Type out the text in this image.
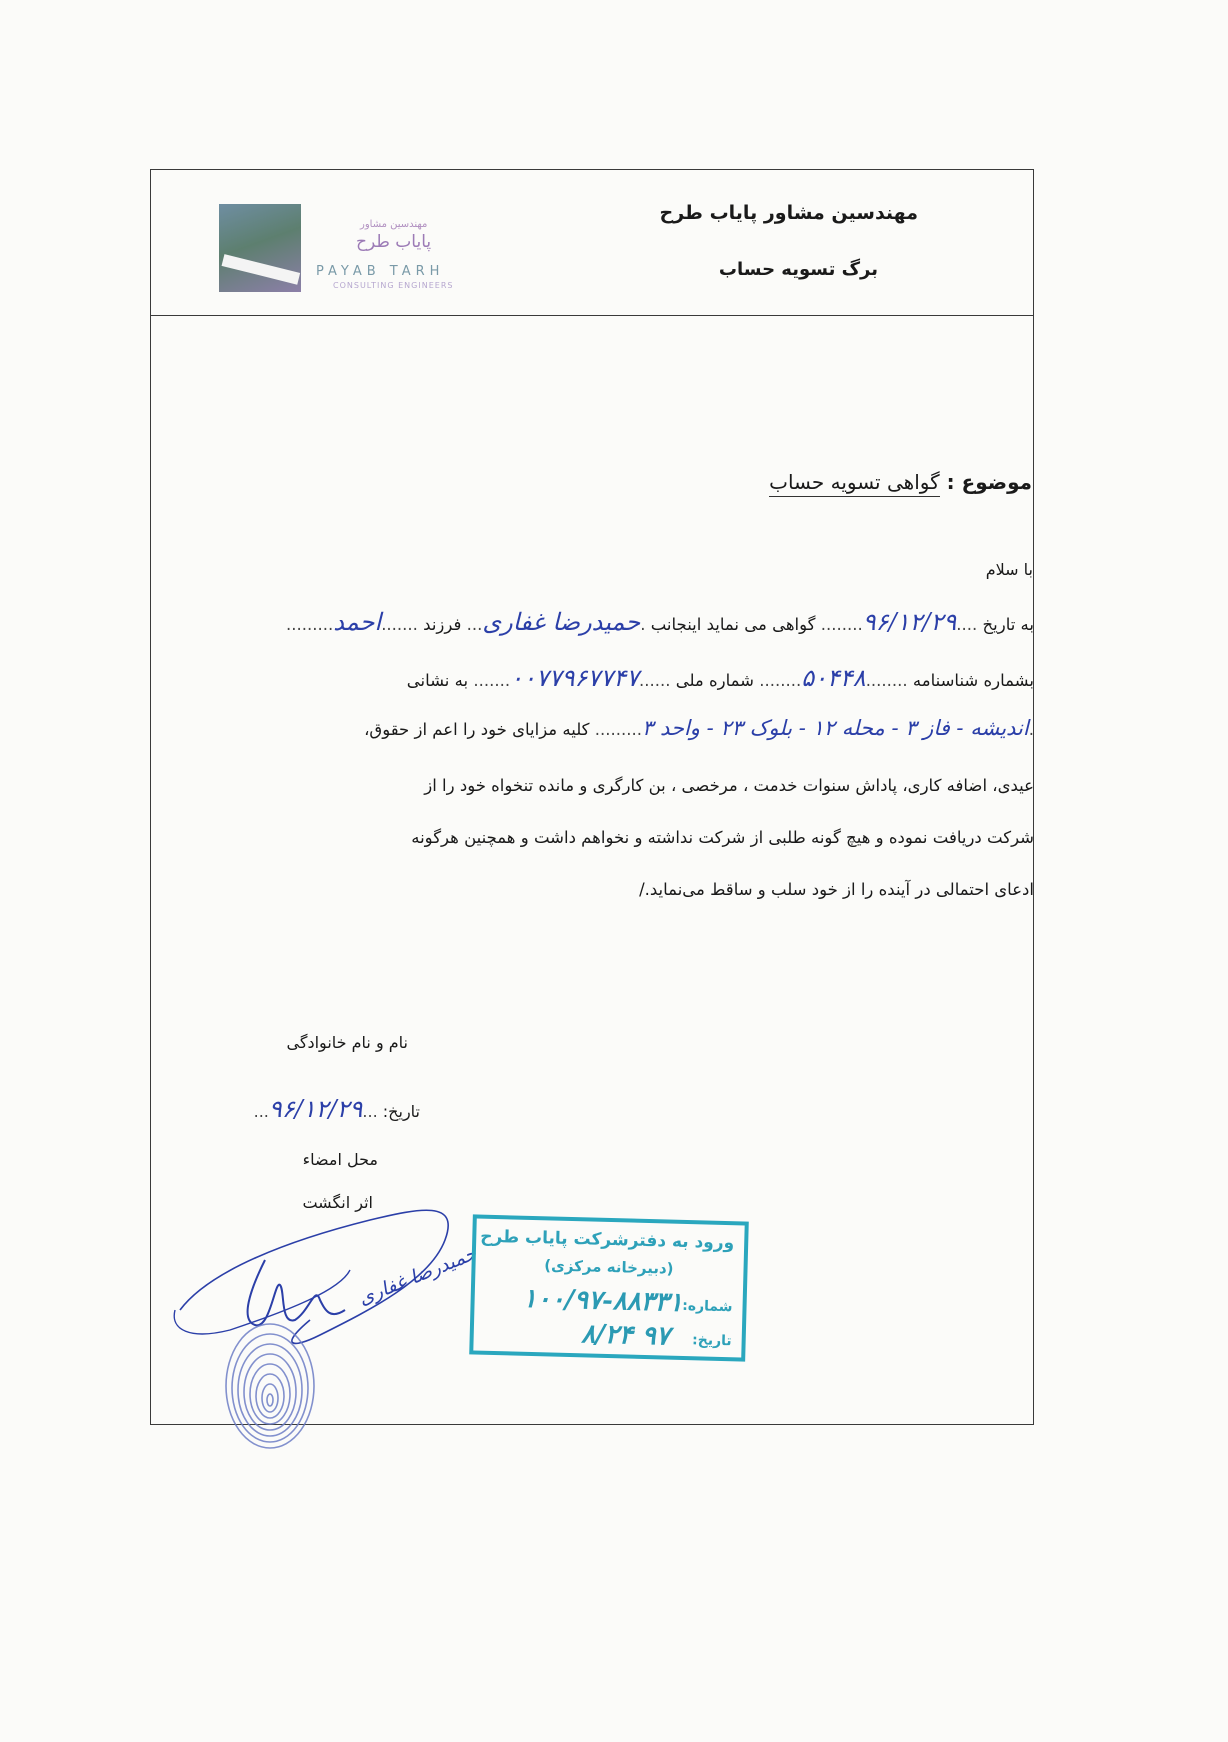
مهندسین مشاور
پایاب طرح
PAYAB TARH
CONSULTING ENGINEERS
مهندسین مشاور پایاب طرح
برگ تسویه حساب
موضوع : گواهی تسویه حساب
با سلام
به تاریخ ....۹۶/۱۲/۲۹........ گواهی می نماید اینجانب .حمیدرضا غفاری... فرزند .......احمد.........
بشماره شناسنامه ........۵۰۴۴۸........ شماره ملی ......۰۰۷۷۹۶۷۷۴۷....... به نشانی
.اندیشه - فاز ۳ - محله ۱۲ - بلوک ۲۳ - واحد ۳......... کلیه مزایای خود را اعم از حقوق،
عیدی، اضافه کاری، پاداش سنوات خدمت ، مرخصی ، بن کارگری و مانده تنخواه خود را از
شرکت دریافت نموده و هیچ گونه طلبی از شرکت نداشته و نخواهم داشت و همچنین هرگونه
ادعای احتمالی در آینده را از خود سلب و ساقط می‌نماید./
نام و نام خانوادگی
تاریخ: ...۹۶/۱۲/۲۹...
محل امضاء
اثر انگشت
حمیدرضا غفاری
ورود به دفترشرکت پایاب طرح
(دبیرخانه مرکزی)
شماره:
۱۰۰/۹۷-۸۸۳۳۱
تاریخ:
۹۷ ۸/۲۴
